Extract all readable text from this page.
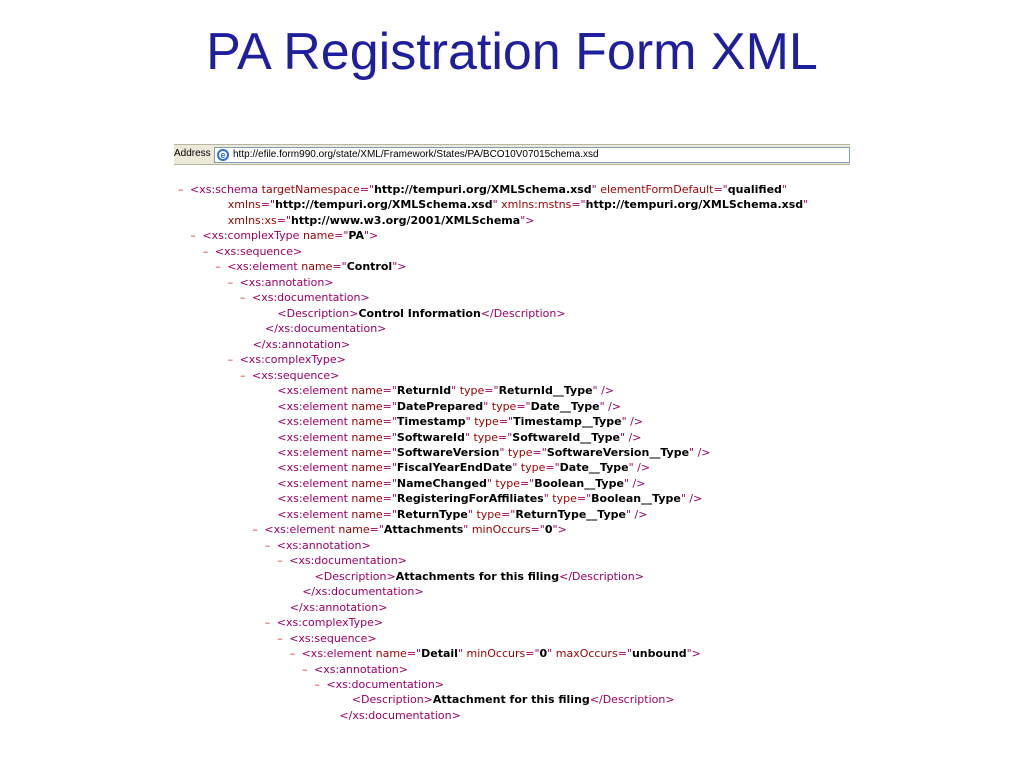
PA Registration Form XML
Address	e http://efile.form990.org/state/XML/Framework/States/PA/BCO10V07015chema.xsd
– <xs:schema targetNamespace="http://tempuri.org/XMLSchema.xsd" elementFormDefault="qualified"
xmlns="http://tempuri.org/XMLSchema.xsd" xmlns:mstns="http://tempuri.org/XMLSchema.xsd"
xmlns:xs="http://www.w3.org/2001/XMLSchema">
– <xs:complexType name="PA">
– <xs:sequence>
– <xs:element name="Control">
– <xs:annotation>
– <xs:documentation>
<Description>Control Information</Description>
</xs:documentation>
</xs:annotation>
– <xs:complexType>
– <xs:sequence>
<xs:element name="ReturnId" type="ReturnId__Type" />
<xs:element name="DatePrepared" type="Date__Type" />
<xs:element name="Timestamp" type="Timestamp__Type" />
<xs:element name="SoftwareId" type="SoftwareId__Type" />
<xs:element name="SoftwareVersion" type="SoftwareVersion__Type" />
<xs:element name="FiscalYearEndDate" type="Date__Type" />
<xs:element name="NameChanged" type="Boolean__Type" />
<xs:element name="RegisteringForAffiliates" type="Boolean__Type" />
<xs:element name="ReturnType" type="ReturnType__Type" />
– <xs:element name="Attachments" minOccurs="0">
– <xs:annotation>
– <xs:documentation>
<Description>Attachments for this filing</Description>
</xs:documentation>
</xs:annotation>
– <xs:complexType>
– <xs:sequence>
– <xs:element name="Detail" minOccurs="0" maxOccurs="unbound">
– <xs:annotation>
– <xs:documentation>
<Description>Attachment for this filing</Description>
</xs:documentation>
